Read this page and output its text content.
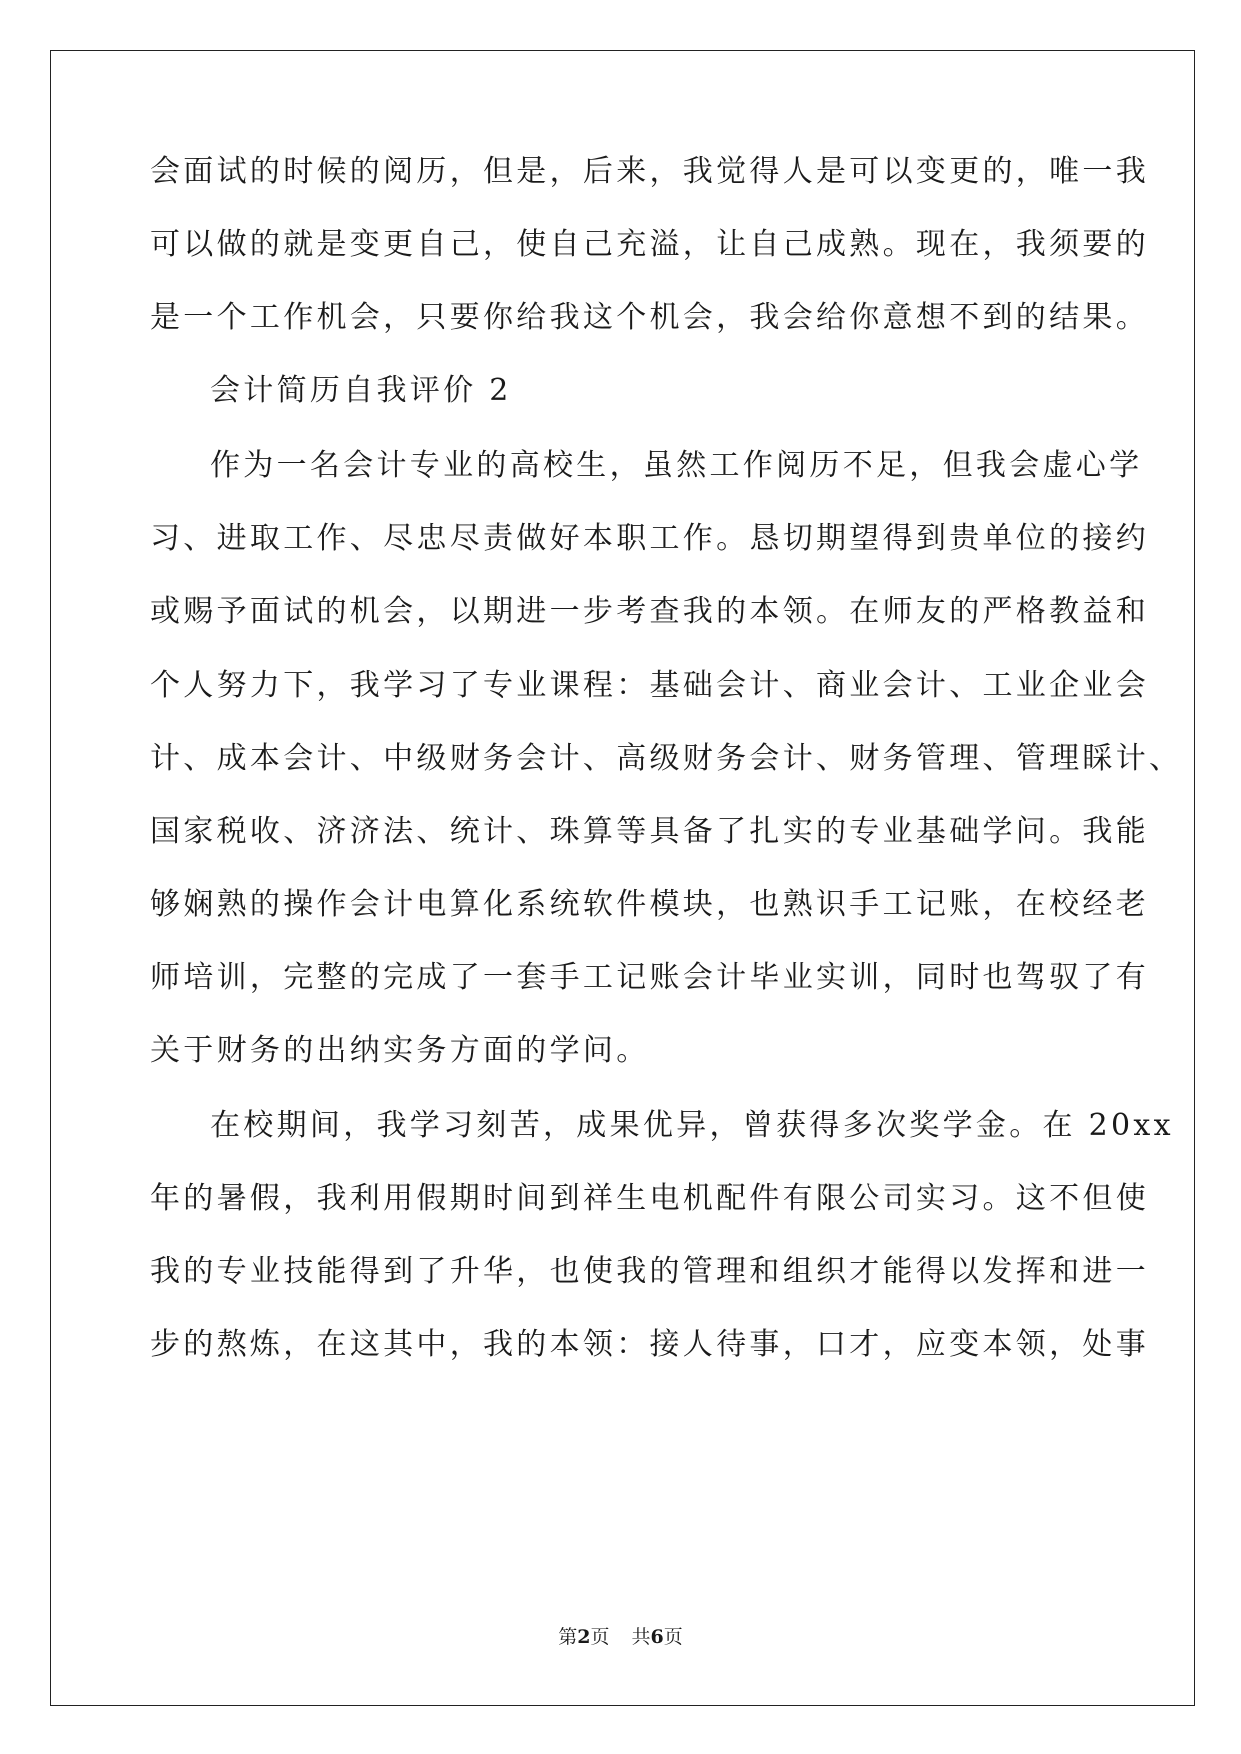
会面试的时候的阅历，但是，后来，我觉得人是可以变更的，唯一我
可以做的就是变更自己，使自己充溢，让自己成熟。现在，我须要的
是一个工作机会，只要你给我这个机会，我会给你意想不到的结果。
会计简历自我评价 2
作为一名会计专业的高校生，虽然工作阅历不足，但我会虚心学
习、进取工作、尽忠尽责做好本职工作。恳切期望得到贵单位的接约
或赐予面试的机会，以期进一步考查我的本领。在师友的严格教益和
个人努力下，我学习了专业课程：基础会计、商业会计、工业企业会
计、成本会计、中级财务会计、高级财务会计、财务管理、管理睬计、
国家税收、济济法、统计、珠算等具备了扎实的专业基础学问。我能
够娴熟的操作会计电算化系统软件模块，也熟识手工记账，在校经老
师培训，完整的完成了一套手工记账会计毕业实训，同时也驾驭了有
关于财务的出纳实务方面的学问。
在校期间，我学习刻苦，成果优异，曾获得多次奖学金。在 20xx
年的暑假，我利用假期时间到祥生电机配件有限公司实习。这不但使
我的专业技能得到了升华，也使我的管理和组织才能得以发挥和进一
步的熬炼，在这其中，我的本领：接人待事，口才，应变本领，处事
第2页 共6页
